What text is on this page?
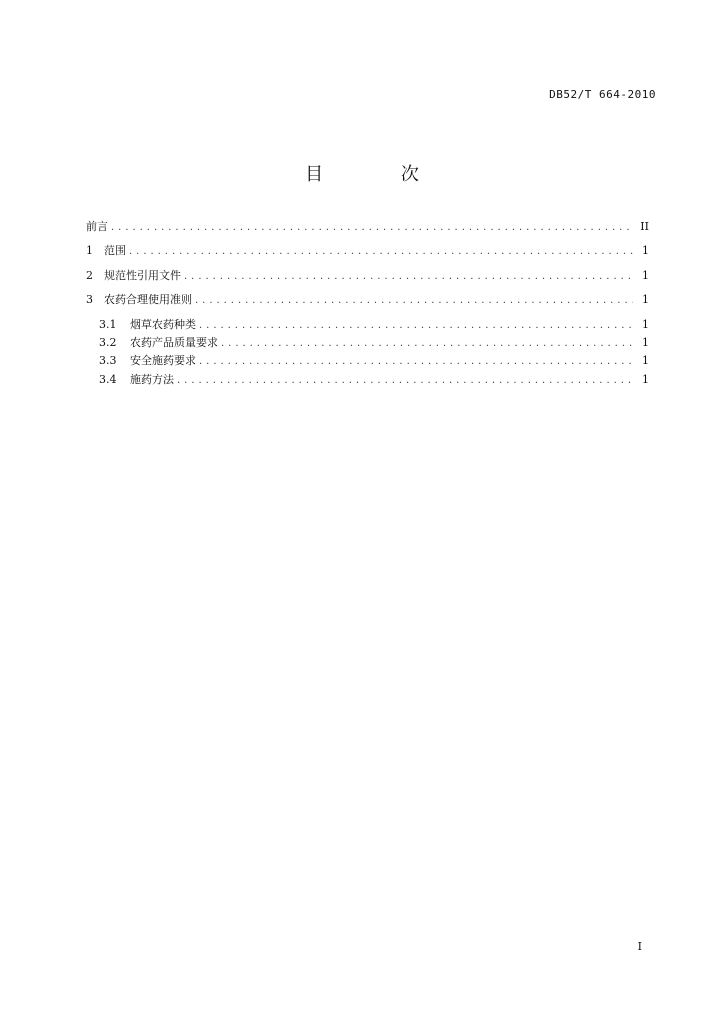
DB52/T 664-2010
目 次
前言 . . .	II
1	范围 . . .	1
2	规范性引用文件 . . .	1
3	农药合理使用准则 . . .	1
3.1	烟草农药种类 . . .	1
3.2	农药产品质量要求 . . .	1
3.3	安全施药要求 . . .	1
3.4	施药方法 . . .	1
I
